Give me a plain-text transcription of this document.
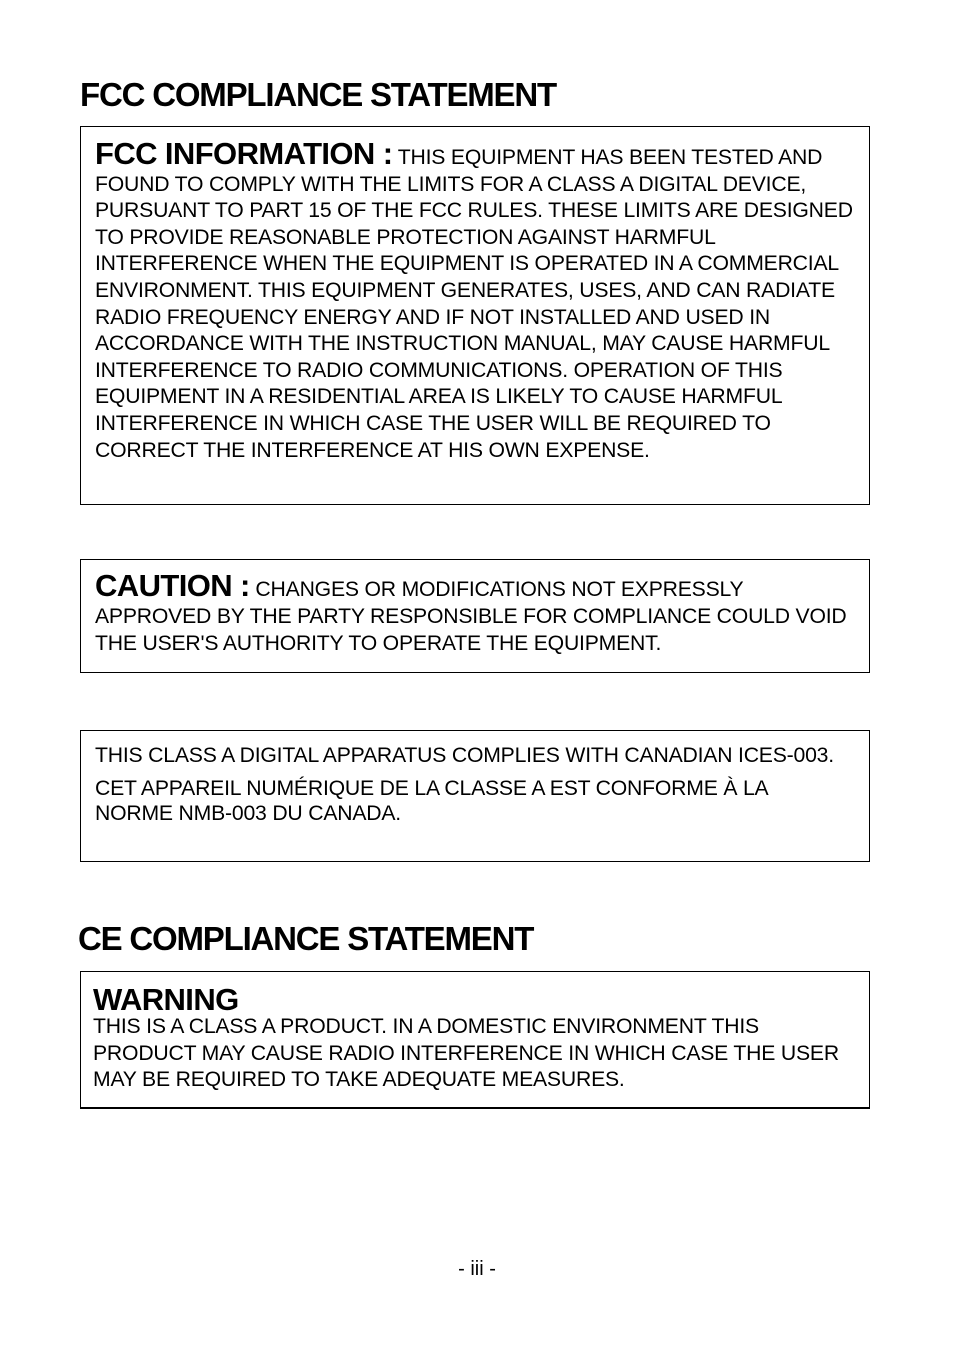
FCC COMPLIANCE STATEMENT

FCC INFORMATION : THIS EQUIPMENT HAS BEEN TESTED AND FOUND TO COMPLY WITH THE LIMITS FOR A CLASS A DIGITAL DEVICE, PURSUANT TO PART 15 OF THE FCC RULES. THESE LIMITS ARE DESIGNED TO PROVIDE REASONABLE PROTECTION AGAINST HARMFUL INTERFERENCE WHEN THE EQUIPMENT IS OPERATED IN A COMMERCIAL ENVIRONMENT. THIS EQUIPMENT GENERATES, USES, AND CAN RADIATE RADIO FREQUENCY ENERGY AND IF NOT INSTALLED AND USED IN ACCORDANCE WITH THE INSTRUCTION MANUAL, MAY CAUSE HARMFUL INTERFERENCE TO RADIO COMMUNICATIONS. OPERATION OF THIS EQUIPMENT IN A RESIDENTIAL AREA IS LIKELY TO CAUSE HARMFUL INTERFERENCE IN WHICH CASE THE USER WILL BE REQUIRED TO CORRECT THE INTERFERENCE AT HIS OWN EXPENSE.

CAUTION : CHANGES OR MODIFICATIONS NOT EXPRESSLY APPROVED BY THE PARTY RESPONSIBLE FOR COMPLIANCE COULD VOID THE USER'S AUTHORITY TO OPERATE THE EQUIPMENT.

THIS CLASS A DIGITAL APPARATUS COMPLIES WITH CANADIAN ICES-003.

CET APPAREIL NUMÉRIQUE DE LA CLASSE A EST CONFORME À LA NORME NMB-003 DU CANADA.

CE COMPLIANCE STATEMENT
WARNING

THIS IS A CLASS A PRODUCT. IN A DOMESTIC ENVIRONMENT THIS PRODUCT MAY CAUSE RADIO INTERFERENCE IN WHICH CASE THE USER MAY BE REQUIRED TO TAKE ADEQUATE MEASURES.

- iii -
